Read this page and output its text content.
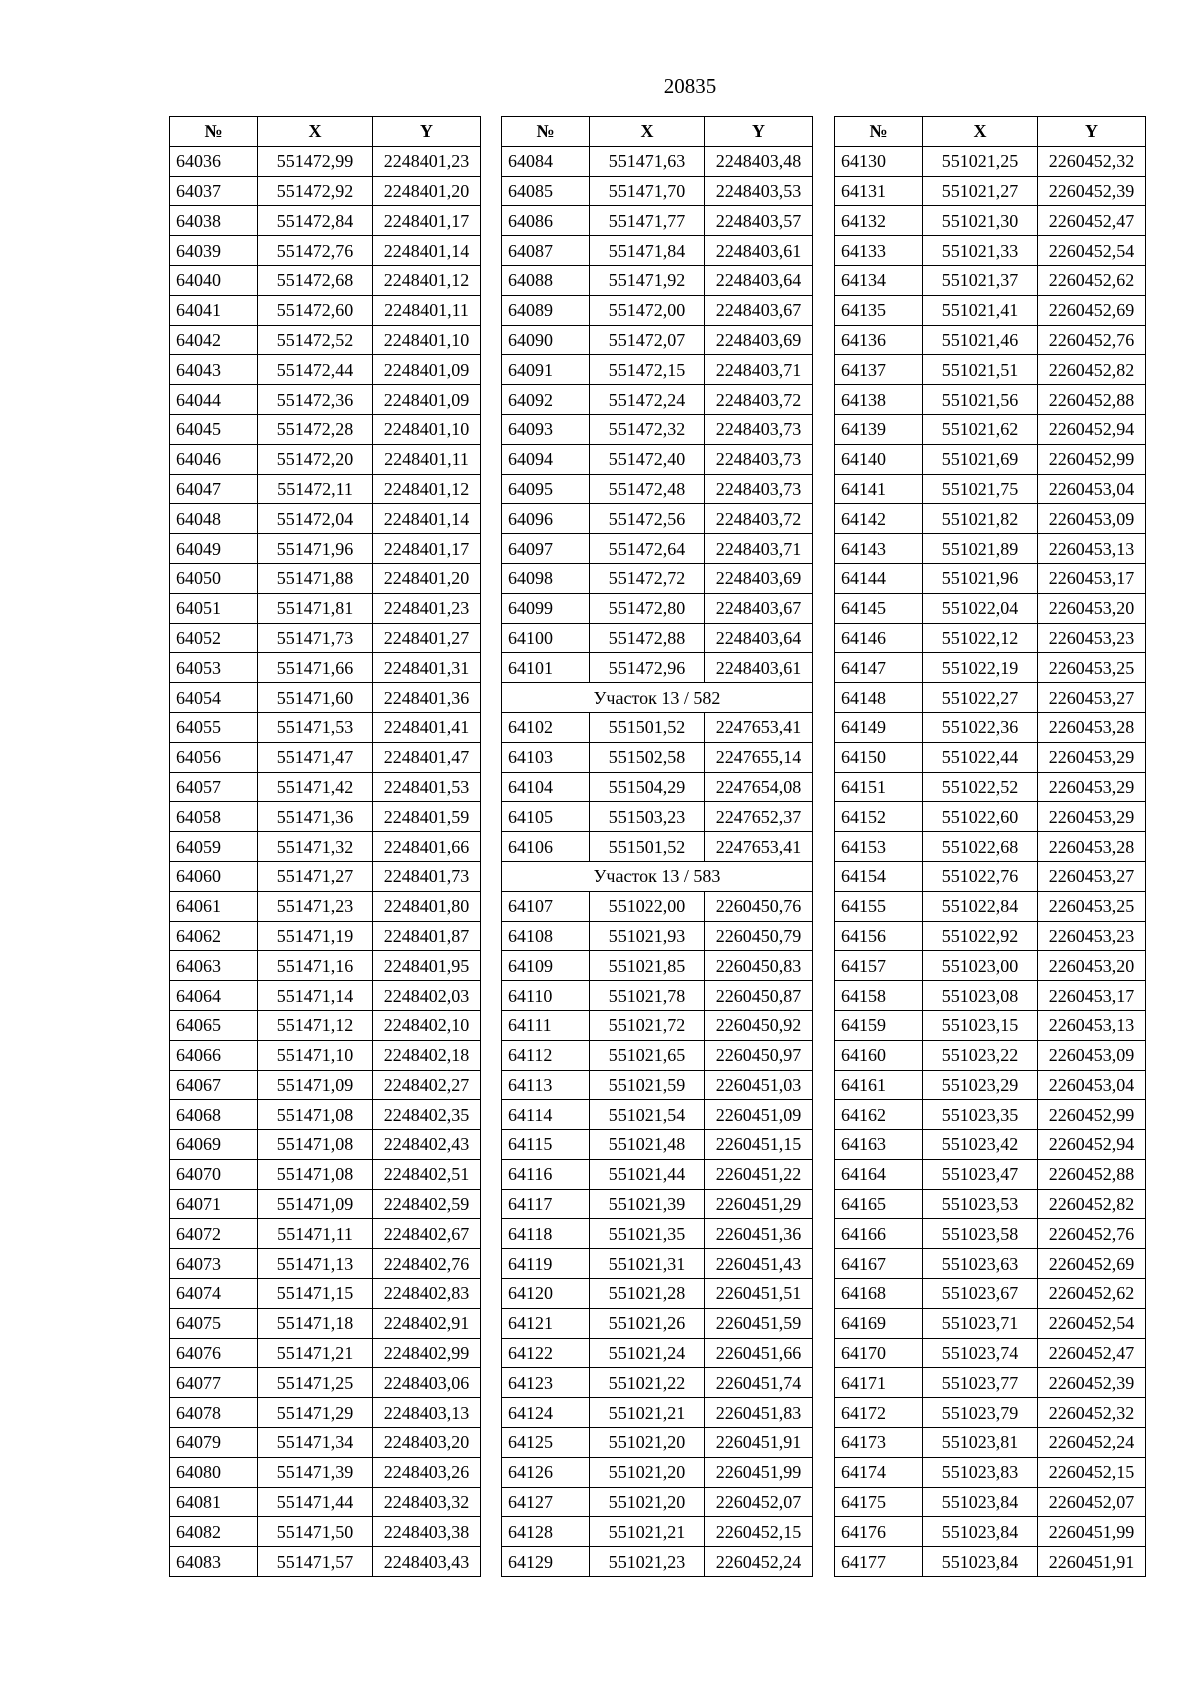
20835
№	X	Y
64036	551472,99	2248401,23
64037	551472,92	2248401,20
64038	551472,84	2248401,17
64039	551472,76	2248401,14
64040	551472,68	2248401,12
64041	551472,60	2248401,11
64042	551472,52	2248401,10
64043	551472,44	2248401,09
64044	551472,36	2248401,09
64045	551472,28	2248401,10
64046	551472,20	2248401,11
64047	551472,11	2248401,12
64048	551472,04	2248401,14
64049	551471,96	2248401,17
64050	551471,88	2248401,20
64051	551471,81	2248401,23
64052	551471,73	2248401,27
64053	551471,66	2248401,31
64054	551471,60	2248401,36
64055	551471,53	2248401,41
64056	551471,47	2248401,47
64057	551471,42	2248401,53
64058	551471,36	2248401,59
64059	551471,32	2248401,66
64060	551471,27	2248401,73
64061	551471,23	2248401,80
64062	551471,19	2248401,87
64063	551471,16	2248401,95
64064	551471,14	2248402,03
64065	551471,12	2248402,10
64066	551471,10	2248402,18
64067	551471,09	2248402,27
64068	551471,08	2248402,35
64069	551471,08	2248402,43
64070	551471,08	2248402,51
64071	551471,09	2248402,59
64072	551471,11	2248402,67
64073	551471,13	2248402,76
64074	551471,15	2248402,83
64075	551471,18	2248402,91
64076	551471,21	2248402,99
64077	551471,25	2248403,06
64078	551471,29	2248403,13
64079	551471,34	2248403,20
64080	551471,39	2248403,26
64081	551471,44	2248403,32
64082	551471,50	2248403,38
64083	551471,57	2248403,43
№	X	Y
64084	551471,63	2248403,48
64085	551471,70	2248403,53
64086	551471,77	2248403,57
64087	551471,84	2248403,61
64088	551471,92	2248403,64
64089	551472,00	2248403,67
64090	551472,07	2248403,69
64091	551472,15	2248403,71
64092	551472,24	2248403,72
64093	551472,32	2248403,73
64094	551472,40	2248403,73
64095	551472,48	2248403,73
64096	551472,56	2248403,72
64097	551472,64	2248403,71
64098	551472,72	2248403,69
64099	551472,80	2248403,67
64100	551472,88	2248403,64
64101	551472,96	2248403,61
Участок 13 / 582		
64102	551501,52	2247653,41
64103	551502,58	2247655,14
64104	551504,29	2247654,08
64105	551503,23	2247652,37
64106	551501,52	2247653,41
Участок 13 / 583		
64107	551022,00	2260450,76
64108	551021,93	2260450,79
64109	551021,85	2260450,83
64110	551021,78	2260450,87
64111	551021,72	2260450,92
64112	551021,65	2260450,97
64113	551021,59	2260451,03
64114	551021,54	2260451,09
64115	551021,48	2260451,15
64116	551021,44	2260451,22
64117	551021,39	2260451,29
64118	551021,35	2260451,36
64119	551021,31	2260451,43
64120	551021,28	2260451,51
64121	551021,26	2260451,59
64122	551021,24	2260451,66
64123	551021,22	2260451,74
64124	551021,21	2260451,83
64125	551021,20	2260451,91
64126	551021,20	2260451,99
64127	551021,20	2260452,07
64128	551021,21	2260452,15
64129	551021,23	2260452,24
№	X	Y
64130	551021,25	2260452,32
64131	551021,27	2260452,39
64132	551021,30	2260452,47
64133	551021,33	2260452,54
64134	551021,37	2260452,62
64135	551021,41	2260452,69
64136	551021,46	2260452,76
64137	551021,51	2260452,82
64138	551021,56	2260452,88
64139	551021,62	2260452,94
64140	551021,69	2260452,99
64141	551021,75	2260453,04
64142	551021,82	2260453,09
64143	551021,89	2260453,13
64144	551021,96	2260453,17
64145	551022,04	2260453,20
64146	551022,12	2260453,23
64147	551022,19	2260453,25
64148	551022,27	2260453,27
64149	551022,36	2260453,28
64150	551022,44	2260453,29
64151	551022,52	2260453,29
64152	551022,60	2260453,29
64153	551022,68	2260453,28
64154	551022,76	2260453,27
64155	551022,84	2260453,25
64156	551022,92	2260453,23
64157	551023,00	2260453,20
64158	551023,08	2260453,17
64159	551023,15	2260453,13
64160	551023,22	2260453,09
64161	551023,29	2260453,04
64162	551023,35	2260452,99
64163	551023,42	2260452,94
64164	551023,47	2260452,88
64165	551023,53	2260452,82
64166	551023,58	2260452,76
64167	551023,63	2260452,69
64168	551023,67	2260452,62
64169	551023,71	2260452,54
64170	551023,74	2260452,47
64171	551023,77	2260452,39
64172	551023,79	2260452,32
64173	551023,81	2260452,24
64174	551023,83	2260452,15
64175	551023,84	2260452,07
64176	551023,84	2260451,99
64177	551023,84	2260451,91
